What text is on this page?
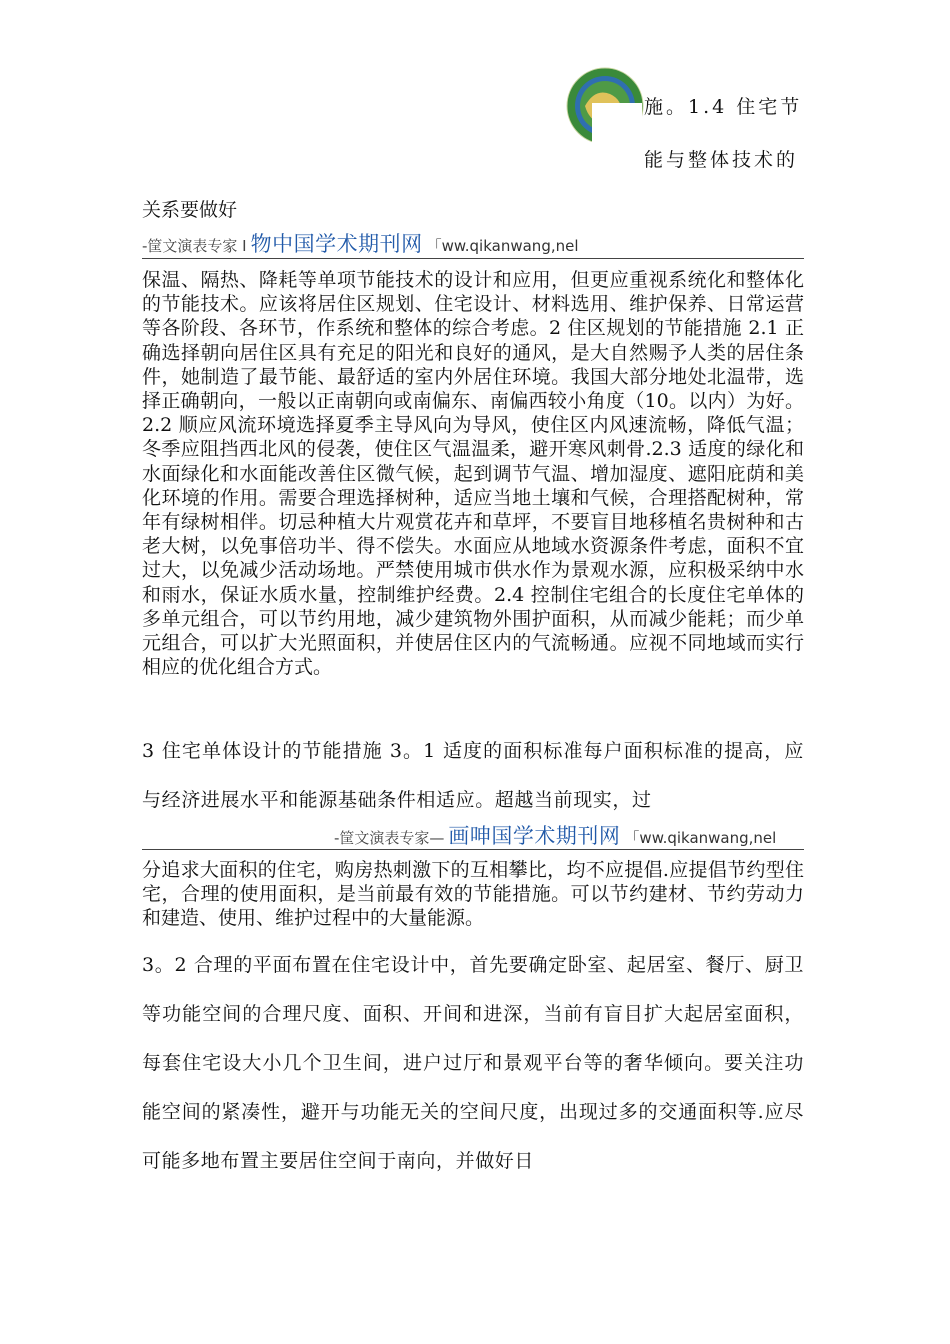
施。1.4 住宅节
能与整体技术的
关系要做好
-筐文演表专家 I 物中国学术期刊网 「ww.qikanwang,nel
保温、隔热、降耗等单项节能技术的设计和应用，但更应重视系统化和整体化的节能技术。应该将居住区规划、住宅设计、材料选用、维护保养、日常运营等各阶段、各环节，作系统和整体的综合考虑。2 住区规划的节能措施 2.1 正确选择朝向居住区具有充足的阳光和良好的通风，是大自然赐予人类的居住条件，她制造了最节能、最舒适的室内外居住环境。我国大部分地处北温带，选择正确朝向，一般以正南朝向或南偏东、南偏西较小角度（10。以内）为好。2.2 顺应风流环境选择夏季主导风向为导风，使住区内风速流畅，降低气温；冬季应阻挡西北风的侵袭，使住区气温温柔，避开寒风刺骨.2.3 适度的绿化和水面绿化和水面能改善住区微气候，起到调节气温、增加湿度、遮阳庇荫和美化环境的作用。需要合理选择树种，适应当地土壤和气候，合理搭配树种，常年有绿树相伴。切忌种植大片观赏花卉和草坪，不要盲目地移植名贵树种和古老大树，以免事倍功半、得不偿失。水面应从地域水资源条件考虑，面积不宜过大，以免减少活动场地。严禁使用城市供水作为景观水源，应积极采纳中水和雨水，保证水质水量，控制维护经费。2.4 控制住宅组合的长度住宅单体的多单元组合，可以节约用地，减少建筑物外围护面积，从而减少能耗；而少单元组合，可以扩大光照面积，并使居住区内的气流畅通。应视不同地域而实行相应的优化组合方式。
3 住宅单体设计的节能措施 3。1 适度的面积标准每户面积标准的提高，应与经济进展水平和能源基础条件相适应。超越当前现实，过
-筐文演表专家— 画呻国学术期刊网 「ww.qikanwang,nel
分追求大面积的住宅，购房热刺激下的互相攀比，均不应提倡.应提倡节约型住宅，合理的使用面积，是当前最有效的节能措施。可以节约建材、节约劳动力和建造、使用、维护过程中的大量能源。
3。2 合理的平面布置在住宅设计中，首先要确定卧室、起居室、餐厅、厨卫等功能空间的合理尺度、面积、开间和进深，当前有盲目扩大起居室面积，每套住宅设大小几个卫生间，进户过厅和景观平台等的奢华倾向。要关注功能空间的紧凑性，避开与功能无关的空间尺度，出现过多的交通面积等.应尽可能多地布置主要居住空间于南向，并做好日
